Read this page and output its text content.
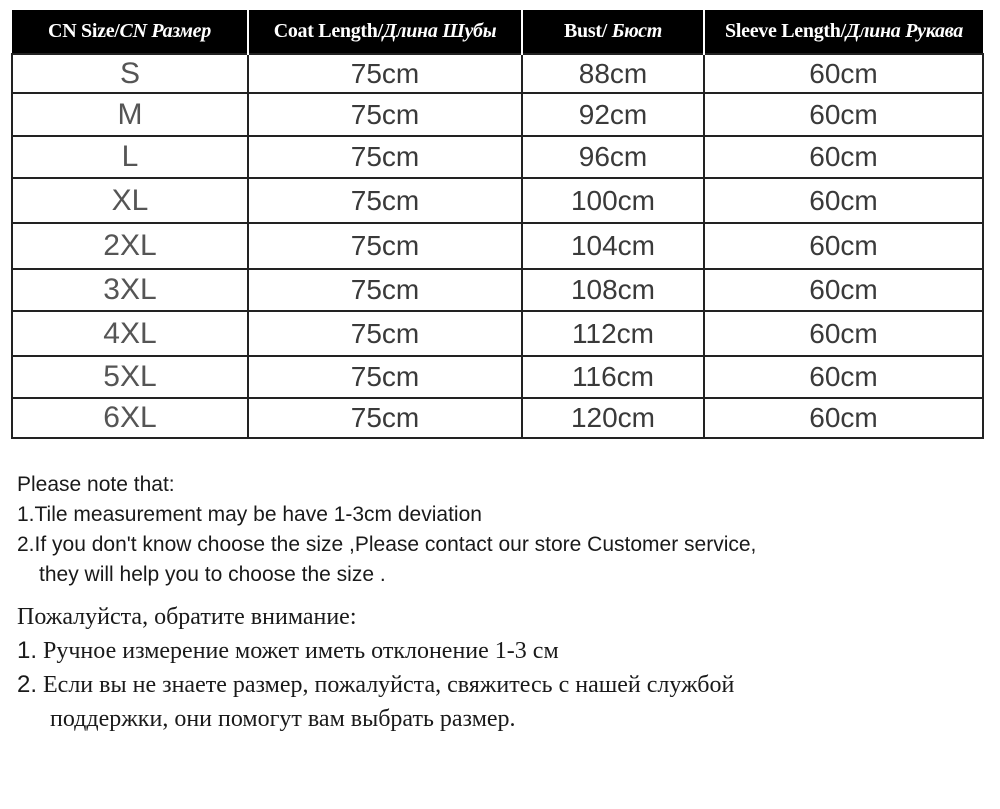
CN Size/CN Размер	Coat Length/Длина Шубы	Bust/ Бюст	Sleeve Length/Длина Рукава
S	75cm	88cm	60cm
M	75cm	92cm	60cm
L	75cm	96cm	60cm
XL	75cm	100cm	60cm
2XL	75cm	104cm	60cm
3XL	75cm	108cm	60cm
4XL	75cm	112cm	60cm
5XL	75cm	116cm	60cm
6XL	75cm	120cm	60cm
Please note that:
1.Tile measurement may be have 1-3cm deviation
2.If you don't know choose the size ,Please contact our store Customer service,
they will help you to choose the size .
Пожалуйста, обратите внимание:
1. Ручное измерение может иметь отклонение 1-3 см
2. Если вы не знаете размер, пожалуйста, свяжитесь с нашей службой
поддержки, они помогут вам выбрать размер.
